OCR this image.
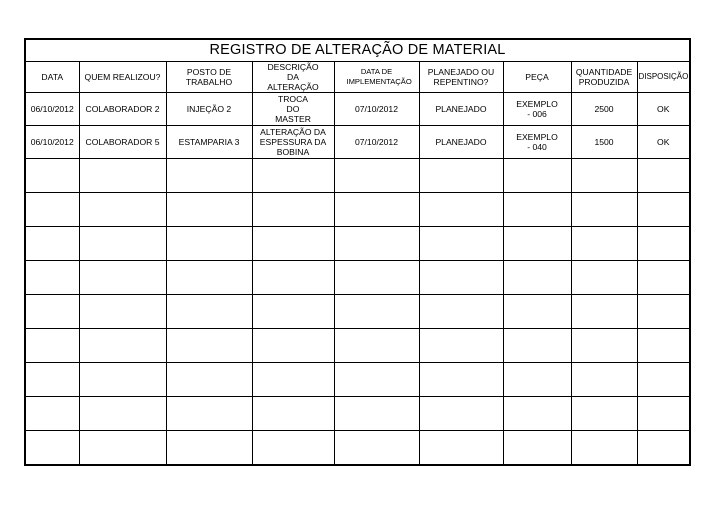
REGISTRO DE ALTERAÇÃO DE MATERIAL
DATA	QUEM REALIZOU?	POSTO DE TRABALHO	DESCRIÇÃO DA ALTERAÇÃO	DATA DE IMPLEMENTAÇÃO	PLANEJADO OU REPENTINO?	PEÇA	QUANTIDADE PRODUZIDA	DISPOSIÇÃO
06/10/2012	COLABORADOR 2	INJEÇÃO 2	TROCA DO MASTER	07/10/2012	PLANEJADO	EXEMPLO - 006	2500	OK
06/10/2012	COLABORADOR 5	ESTAMPARIA 3	ALTERAÇÃO DA ESPESSURA DA BOBINA	07/10/2012	PLANEJADO	EXEMPLO - 040	1500	OK
